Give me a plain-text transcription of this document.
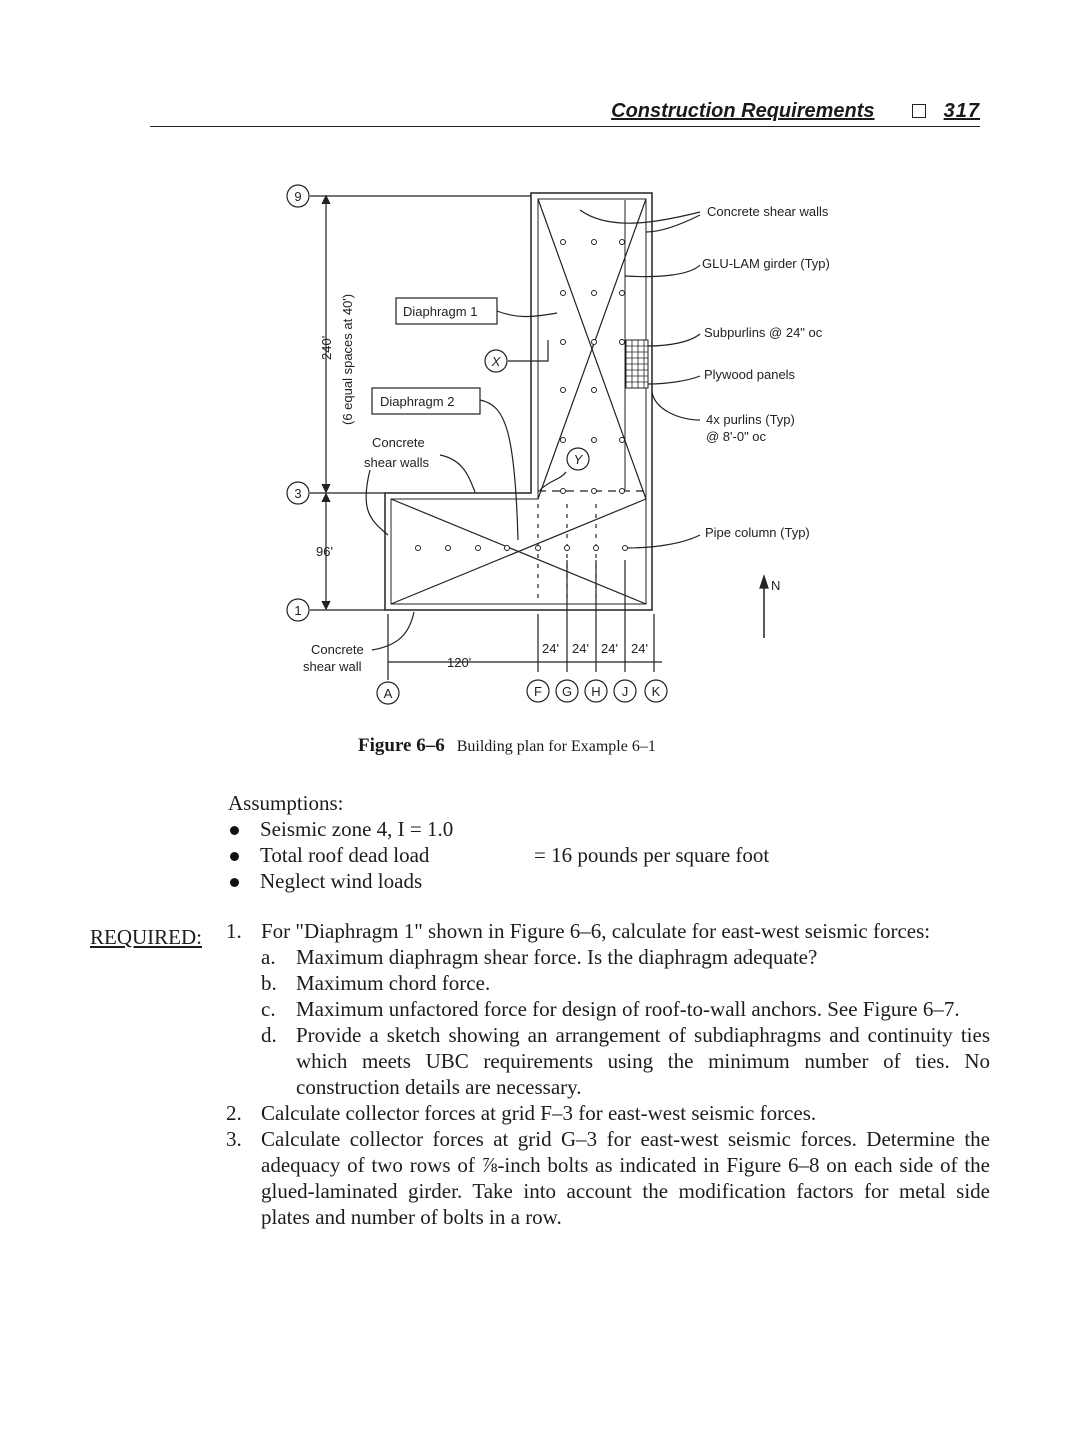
Construction Requirements	317
9
3
1
A	F G H J K
X
Y
240' (6 equal spaces at 40')
96'
120'
24' 24' 24' 24'
Diaphragm 1
Diaphragm 2
Concrete
shear walls
Concrete
shear wall
Concrete shear walls
GLU-LAM girder (Typ)
Subpurlins @ 24" oc
Plywood panels
4x purlins (Typ)
@ 8'-0" oc
Pipe column (Typ)
N
Figure 6–6 Building plan for Example 6–1
Assumptions:
Seismic zone 4, I = 1.0
Total roof dead load	= 16 pounds per square foot
Neglect wind loads
REQUIRED: 1. For "Diaphragm 1" shown in Figure 6–6, calculate for east-west seismic forces:
a. Maximum diaphragm shear force. Is the diaphragm adequate?
b. Maximum chord force.
c. Maximum unfactored force for design of roof-to-wall anchors. See Figure 6–7.
d. Provide a sketch showing an arrangement of subdiaphragms and continuity ties which meets UBC requirements using the minimum number of ties. No construction details are necessary.
2. Calculate collector forces at grid F–3 for east-west seismic forces.
3. Calculate collector forces at grid G–3 for east-west seismic forces. Determine the adequacy of two rows of ⅞-inch bolts as indicated in Figure 6–8 on each side of the glued-laminated girder. Take into account the modification factors for metal side plates and number of bolts in a row.
